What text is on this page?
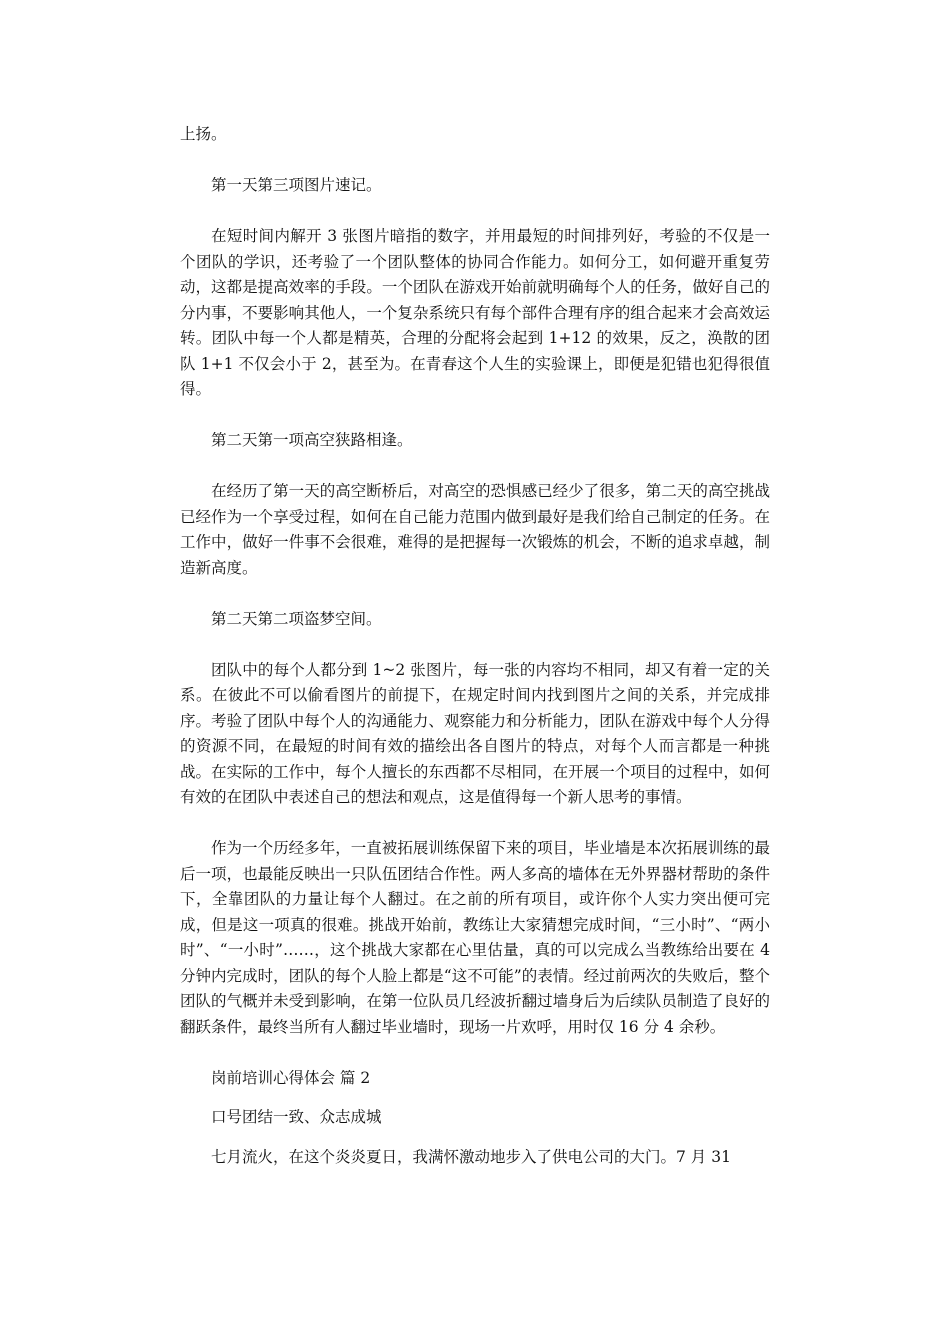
上扬。

第一天第三项图片速记。

在短时间内解开 3 张图片暗指的数字，并用最短的时间排列好，考验的不仅是一个团队的学识，还考验了一个团队整体的协同合作能力。如何分工，如何避开重复劳动，这都是提高效率的手段。一个团队在游戏开始前就明确每个人的任务，做好自己的分内事，不要影响其他人，一个复杂系统只有每个部件合理有序的组合起来才会高效运转。团队中每一个人都是精英，合理的分配将会起到 1+12 的效果，反之，涣散的团队 1+1 不仅会小于 2，甚至为。在青春这个人生的实验课上，即便是犯错也犯得很值得。

第二天第一项高空狭路相逢。

在经历了第一天的高空断桥后，对高空的恐惧感已经少了很多，第二天的高空挑战已经作为一个享受过程，如何在自己能力范围内做到最好是我们给自己制定的任务。在工作中，做好一件事不会很难，难得的是把握每一次锻炼的机会，不断的追求卓越，制造新高度。

第二天第二项盗梦空间。

团队中的每个人都分到 1~2 张图片，每一张的内容均不相同，却又有着一定的关系。在彼此不可以偷看图片的前提下，在规定时间内找到图片之间的关系，并完成排序。考验了团队中每个人的沟通能力、观察能力和分析能力，团队在游戏中每个人分得的资源不同，在最短的时间有效的描绘出各自图片的特点，对每个人而言都是一种挑战。在实际的工作中，每个人擅长的东西都不尽相同，在开展一个项目的过程中，如何有效的在团队中表述自己的想法和观点，这是值得每一个新人思考的事情。

作为一个历经多年，一直被拓展训练保留下来的项目，毕业墙是本次拓展训练的最后一项，也最能反映出一只队伍团结合作性。两人多高的墙体在无外界器材帮助的条件下，全靠团队的力量让每个人翻过。在之前的所有项目，或许你个人实力突出便可完成，但是这一项真的很难。挑战开始前，教练让大家猜想完成时间，“三小时”、“两小时”、“一小时”……，这个挑战大家都在心里估量，真的可以完成么当教练给出要在 4 分钟内完成时，团队的每个人脸上都是“这不可能”的表情。经过前两次的失败后，整个团队的气概并未受到影响，在第一位队员几经波折翻过墙身后为后续队员制造了良好的翻跃条件，最终当所有人翻过毕业墙时，现场一片欢呼，用时仅 16 分 4 余秒。

岗前培训心得体会 篇 2

口号团结一致、众志成城

七月流火，在这个炎炎夏日，我满怀激动地步入了供电公司的大门。7 月 31
